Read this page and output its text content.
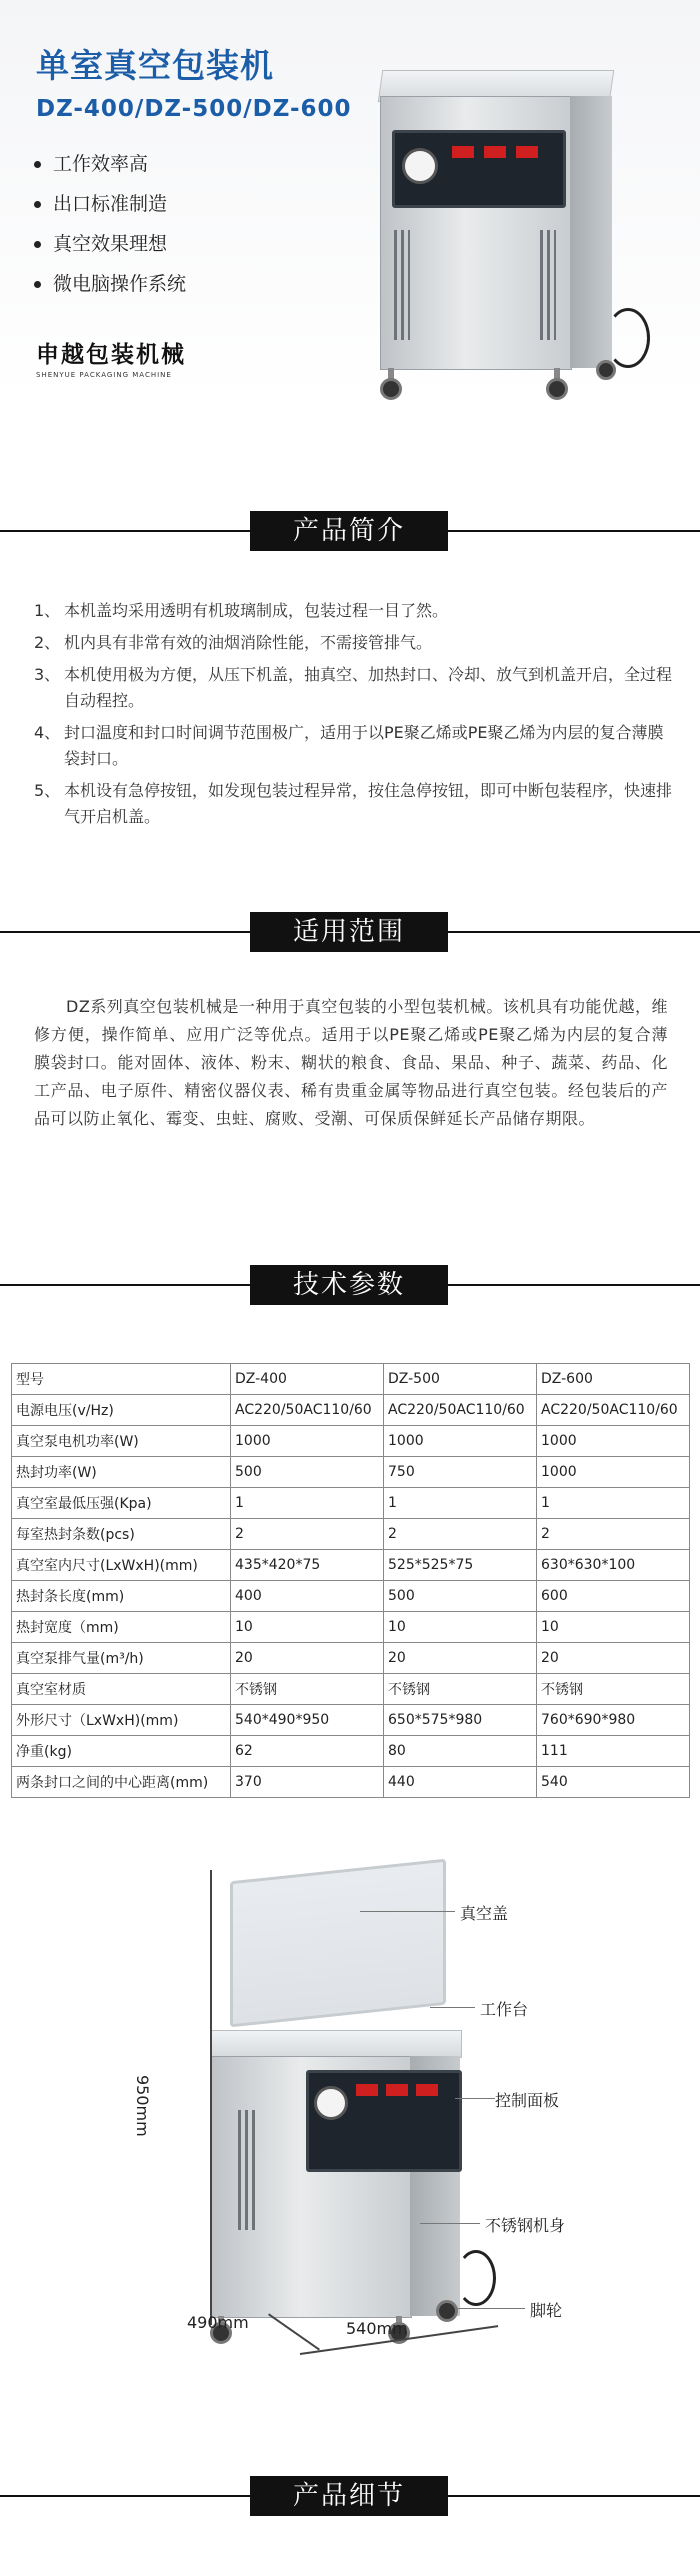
单室真空包装机
DZ-400/DZ-500/DZ-600
工作效率高
出口标准制造
真空效果理想
微电脑操作系统
申越包装机械
SHENYUE PACKAGING MACHINE
产品简介
1、 本机盖均采用透明有机玻璃制成，包装过程一目了然。
2、 机内具有非常有效的油烟消除性能，不需接管排气。
3、 本机使用极为方便，从压下机盖，抽真空、加热封口、冷却、放气到机盖开启，全过程自动程控。
4、 封口温度和封口时间调节范围极广，适用于以PE聚乙烯或PE聚乙烯为内层的复合薄膜袋封口。
5、 本机设有急停按钮，如发现包装过程异常，按住急停按钮，即可中断包装程序，快速排气开启机盖。
适用范围

DZ系列真空包装机械是一种用于真空包装的小型包装机械。该机具有功能优越，维修方便，操作简单、应用广泛等优点。适用于以PE聚乙烯或PE聚乙烯为内层的复合薄膜袋封口。能对固体、液体、粉末、糊状的粮食、食品、果品、种子、蔬菜、药品、化工产品、电子原件、精密仪器仪表、稀有贵重金属等物品进行真空包装。经包装后的产品可以防止氧化、霉变、虫蛀、腐败、受潮、可保质保鲜延长产品储存期限。

技术参数
型号	DZ-400	DZ-500	DZ-600
电源电压(v/Hz)	AC220/50AC110/60	AC220/50AC110/60	AC220/50AC110/60
真空泵电机功率(W)	1000	1000	1000
热封功率(W)	500	750	1000
真空室最低压强(Kpa)	1	1	1
每室热封条数(pcs)	2	2	2
真空室内尺寸(LxWxH)(mm)	435*420*75	525*525*75	630*630*100
热封条长度(mm)	400	500	600
热封宽度（mm)	10	10	10
真空泵排气量(m³/h)	20	20	20
真空室材质	不锈钢	不锈钢	不锈钢
外形尺寸（LxWxH)(mm)	540*490*950	650*575*980	760*690*980
净重(kg)	62	80	111
两条封口之间的中心距离(mm)	370	440	540
950mm
490mm	540mm
真空盖
工作台
控制面板
不锈钢机身
脚轮
产品细节
